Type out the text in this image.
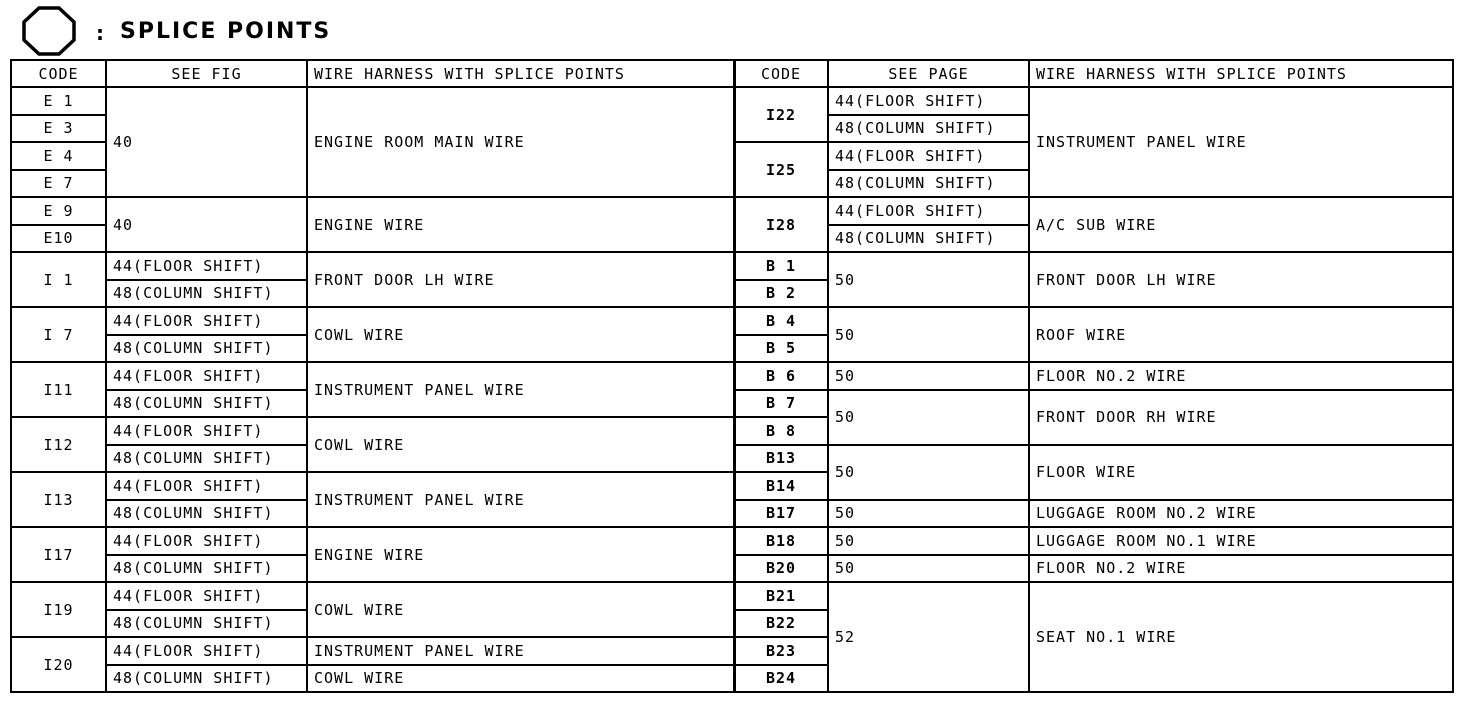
: SPLICE POINTS
CODE	SEE FIG	WIRE HARNESS WITH SPLICE POINTS
E 1	40	ENGINE ROOM MAIN WIRE
E 3		
E 4		
E 7		
E 9	40	ENGINE WIRE
E10		
I 1	44(FLOOR SHIFT)	FRONT DOOR LH WIRE
	48(COLUMN SHIFT)	
I 7	44(FLOOR SHIFT)	COWL WIRE
	48(COLUMN SHIFT)	
I11	44(FLOOR SHIFT)	INSTRUMENT PANEL WIRE
	48(COLUMN SHIFT)	
I12	44(FLOOR SHIFT)	COWL WIRE
	48(COLUMN SHIFT)	
I13	44(FLOOR SHIFT)	INSTRUMENT PANEL WIRE
	48(COLUMN SHIFT)	
I17	44(FLOOR SHIFT)	ENGINE WIRE
	48(COLUMN SHIFT)	
I19	44(FLOOR SHIFT)	COWL WIRE
	48(COLUMN SHIFT)	
I20	44(FLOOR SHIFT)	INSTRUMENT PANEL WIRE
	48(COLUMN SHIFT)	COWL WIRE
CODE	SEE PAGE	WIRE HARNESS WITH SPLICE POINTS
I22	44(FLOOR SHIFT)	INSTRUMENT PANEL WIRE
	48(COLUMN SHIFT)	
I25	44(FLOOR SHIFT)	
	48(COLUMN SHIFT)	
I28	44(FLOOR SHIFT)	A/C SUB WIRE
	48(COLUMN SHIFT)	
B 1	50	FRONT DOOR LH WIRE
B 2		
B 4	50	ROOF WIRE
B 5		
B 6	50	FLOOR NO.2 WIRE
B 7	50	FRONT DOOR RH WIRE
B 8		
B13	50	FLOOR WIRE
B14		
B17	50	LUGGAGE ROOM NO.2 WIRE
B18	50	LUGGAGE ROOM NO.1 WIRE
B20	50	FLOOR NO.2 WIRE
B21	52	SEAT NO.1 WIRE
B22		
B23		
B24		
